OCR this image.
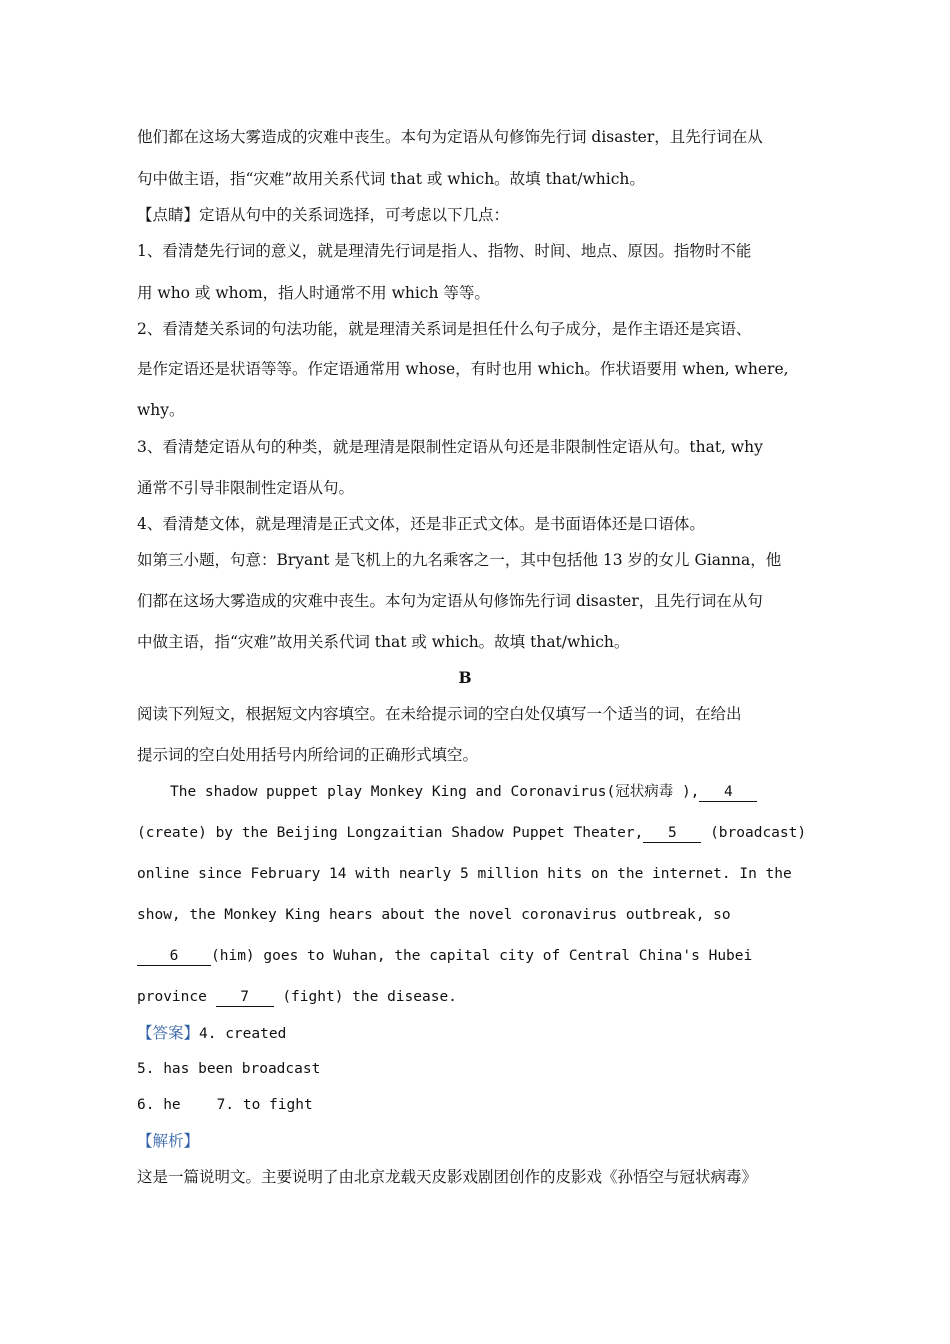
他们都在这场大雾造成的灾难中丧生。本句为定语从句修饰先行词 disaster，且先行词在从
句中做主语，指“灾难”故用关系代词 that 或 which。故填 that/which。
【点睛】定语从句中的关系词选择，可考虑以下几点：
1、看清楚先行词的意义，就是理清先行词是指人、指物、时间、地点、原因。指物时不能
用 who 或 whom，指人时通常不用 which 等等。
2、看清楚关系词的句法功能，就是理清关系词是担任什么句子成分，是作主语还是宾语、
是作定语还是状语等等。作定语通常用 whose，有时也用 which。作状语要用 when, where,
why。
3、看清楚定语从句的种类，就是理清是限制性定语从句还是非限制性定语从句。that, why
通常不引导非限制性定语从句。
4、看清楚文体，就是理清是正式文体，还是非正式文体。是书面语体还是口语体。
如第三小题，句意：Bryant 是飞机上的九名乘客之一，其中包括他 13 岁的女儿 Gianna，他
们都在这场大雾造成的灾难中丧生。本句为定语从句修饰先行词 disaster，且先行词在从句
中做主语，指“灾难”故用关系代词 that 或 which。故填 that/which。
B
阅读下列短文，根据短文内容填空。在未给提示词的空白处仅填写一个适当的词，在给出
提示词的空白处用括号内所给词的正确形式填空。
The shadow puppet play Monkey King and Coronavirus(冠状病毒 ), 4
(create) by the Beijing Longzaitian Shadow Puppet Theater, 5 (broadcast)
online since February 14 with nearly 5 million hits on the internet. In the
show, the Monkey King hears about the novel coronavirus outbreak, so
6 (him) goes to Wuhan, the capital city of Central China's Hubei
province 7 (fight) the disease.
【答案】4. created
5. has been broadcast
6. he 7. to fight
【解析】
这是一篇说明文。主要说明了由北京龙载天皮影戏剧团创作的皮影戏《孙悟空与冠状病毒》
